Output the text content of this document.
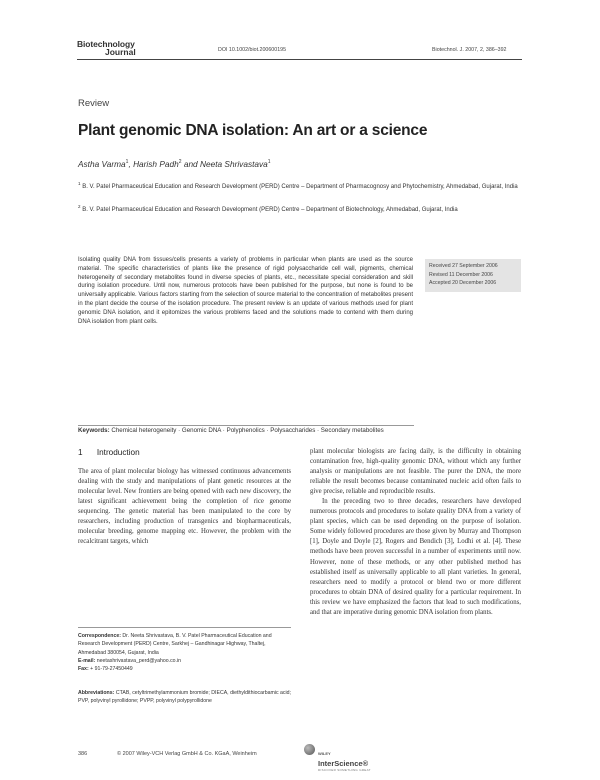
Biotechnology
Journal	DOI 10.1002/biot.200600195	Biotechnol. J. 2007, 2, 386–392
Review
Plant genomic DNA isolation: An art or a science
Astha Varma$^1$, Harish Padh$^2$ and Neeta Shrivastava$^1$
$^1$ B. V. Patel Pharmaceutical Education and Research Development (PERD) Centre – Department of Pharmacognosy and Phytochemistry, Ahmedabad, Gujarat, India
$^2$ B. V. Patel Pharmaceutical Education and Research Development (PERD) Centre – Department of Biotechnology, Ahmedabad, Gujarat, India
Isolating quality DNA from tissues/cells presents a variety of problems in particular when plants are used as the source material. The specific characteristics of plants like the presence of rigid polysaccharide cell wall, pigments, chemical heterogeneity of secondary metabolites found in diverse species of plants, etc., necessitate special consideration and skill during isolation procedure. Until now, numerous protocols have been published for the purpose, but none is found to be universally applicable. Various factors starting from the selection of source material to the concentration of metabolites present in the plant decide the course of the isolation procedure. The present review is an update of various methods used for plant genomic DNA isolation, and it epitomizes the various problems faced and the solutions made to contend with them during DNA isolation from plant cells.
Received 27 September 2006
Revised 11 December 2006
Accepted 20 December 2006
Keywords: Chemical heterogeneity · Genomic DNA · Polyphenolics · Polysaccharides · Secondary metabolites
1 Introduction
The area of plant molecular biology has witnessed continuous advancements dealing with the study and manipulations of plant genetic resources at the molecular level. New frontiers are being opened with each new discovery, the latest significant achievement being the completion of rice genome sequencing. The genetic material has been manipulated to the core by researchers, including production of transgenics and biopharmaceuticals, molecular breeding, genome mapping etc. However, the problem with the recalcitrant targets, which

plant molecular biologists are facing daily, is the difficulty in obtaining contamination free, high-quality genomic DNA, without which any further analysis or manipulations are not feasible. The purer the DNA, the more reliable the result becomes because contaminated nucleic acid often fails to give precise, reliable and reproducible results.

In the preceding two to three decades, researchers have developed numerous protocols and procedures to isolate quality DNA from a variety of plant species, which can be used depending on the purpose of isolation. Some widely followed procedures are those given by Murray and Thompson [1], Doyle and Doyle [2], Rogers and Bendich [3], Lodhi et al. [4]. These methods have been proven successful in a number of experiments until now. However, none of these methods, or any other published method has established itself as universally applicable to all plant varieties. In general, researchers need to modify a protocol or blend two or more different procedures to obtain DNA of desired quality for a particular requirement. In this review we have emphasized the factors that lead to such modifications, and that are imperative during genomic DNA isolation from plants.

Correspondence: Dr. Neeta Shrivastava, B. V. Patel Pharmaceutical Education and Research Development (PERD) Centre, Sarkhej – Gandhinagar Highway, Thaltej, Ahmedabad 380054, Gujarat, India
E-mail: neetashrivastava_perd@yahoo.co.in
Fax: + 91-79-27450449
Abbreviations: CTAB, cetyltrimethylammonium bromide; DIECA, diethyldithiocarbamic acid; PVP, polyvinyl pyrollidone; PVPP, polyvinyl polypyrollidone
386	© 2007 Wiley-VCH Verlag GmbH & Co. KGaA, Weinheim	WILEY
InterScience®
DISCOVER SOMETHING GREAT
